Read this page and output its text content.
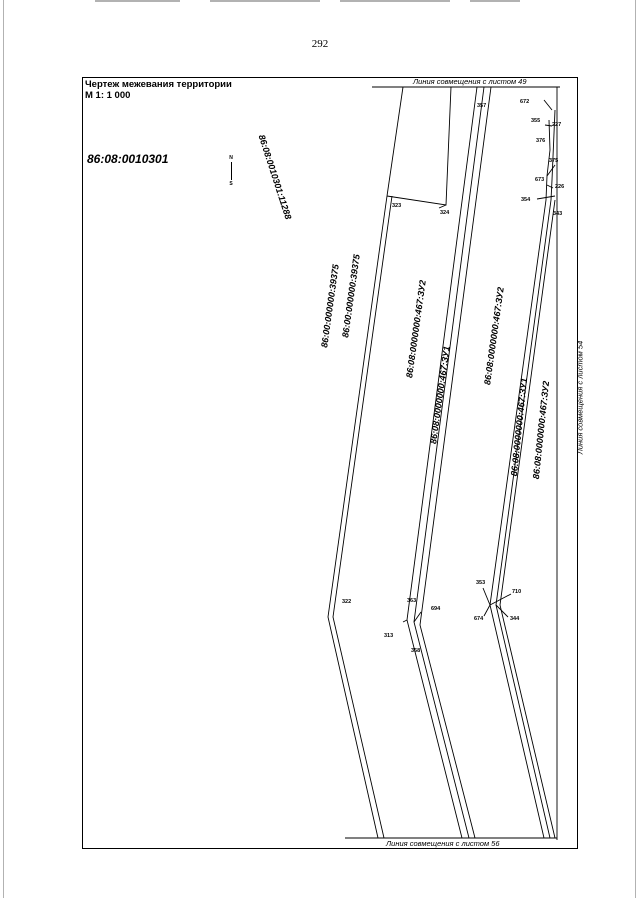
292
Чертеж межевания территории
М 1: 1 000
86:08:0010301	N
S
Линия совмещения с листом 49
Линия совмещения с листом 56
Линия совмещения с листом 54
86:08:0010301:11288
86:00:000000:39375 86:00:000000:39375	86:08:0000000:467:ЗУ2
86:08:0000000:467:ЗУ1
86:08:0000000:467:ЗУ2
86:08:0000000:467:ЗУ1 86:08:0000000:467:ЗУ2
357
672
355
227
376
375
673
226
354
343
323
324
322	363
694
313
358
353
710
674	344
